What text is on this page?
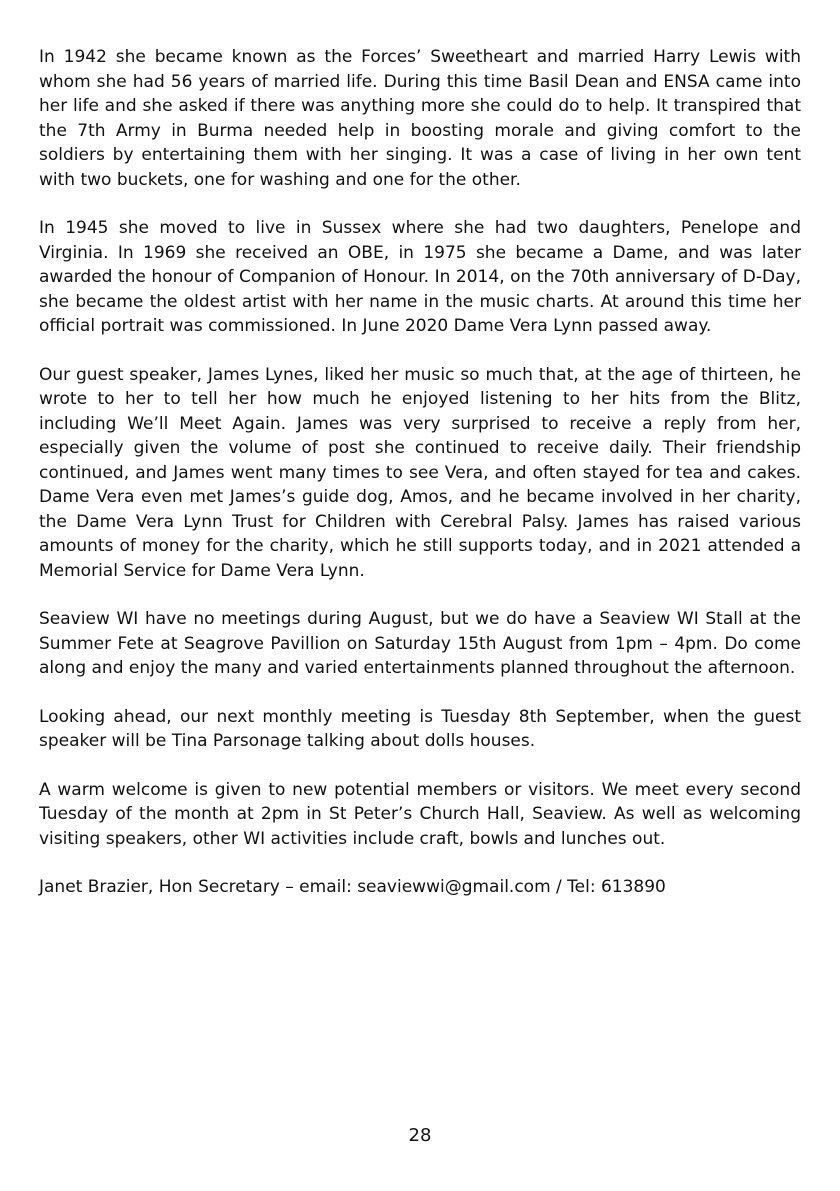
In 1942 she became known as the Forces’ Sweetheart and married Harry Lewis with whom she had 56 years of married life. During this time Basil Dean and ENSA came into her life and she asked if there was anything more she could do to help. It transpired that the 7th Army in Burma needed help in boosting morale and giving comfort to the soldiers by entertaining them with her singing. It was a case of living in her own tent with two buckets, one for washing and one for the other.

In 1945 she moved to live in Sussex where she had two daughters, Penelope and Virginia. In 1969 she received an OBE, in 1975 she became a Dame, and was later awarded the honour of Companion of Honour. In 2014, on the 70th anniversary of D-Day, she became the oldest artist with her name in the music charts. At around this time her official portrait was commissioned. In June 2020 Dame Vera Lynn passed away.

Our guest speaker, James Lynes, liked her music so much that, at the age of thirteen, he wrote to her to tell her how much he enjoyed listening to her hits from the Blitz, including We’ll Meet Again. James was very surprised to receive a reply from her, especially given the volume of post she continued to receive daily. Their friendship continued, and James went many times to see Vera, and often stayed for tea and cakes. Dame Vera even met James’s guide dog, Amos, and he became involved in her charity, the Dame Vera Lynn Trust for Children with Cerebral Palsy. James has raised various amounts of money for the charity, which he still supports today, and in 2021 attended a Memorial Service for Dame Vera Lynn.

Seaview WI have no meetings during August, but we do have a Seaview WI Stall at the Summer Fete at Seagrove Pavillion on Saturday 15th August from 1pm – 4pm. Do come along and enjoy the many and varied entertainments planned throughout the afternoon.

Looking ahead, our next monthly meeting is Tuesday 8th September, when the guest speaker will be Tina Parsonage talking about dolls houses.

A warm welcome is given to new potential members or visitors. We meet every second Tuesday of the month at 2pm in St Peter’s Church Hall, Seaview. As well as welcoming visiting speakers, other WI activities include craft, bowls and lunches out.

Janet Brazier, Hon Secretary – email: seaviewwi@gmail.com / Tel: 613890

28
